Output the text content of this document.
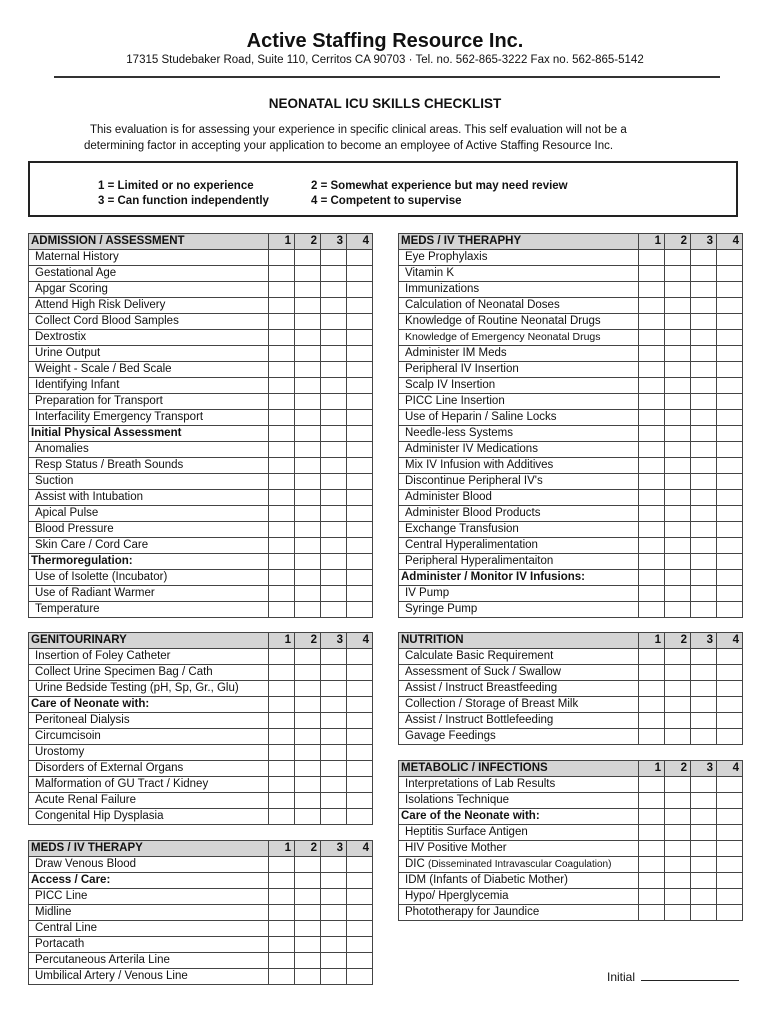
Active Staffing Resource Inc.
17315 Studebaker Road, Suite 110, Cerritos CA 90703 · Tel. no. 562-865-3222 Fax no. 562-865-5142
NEONATAL ICU SKILLS CHECKLIST
This evaluation is for assessing your experience in specific clinical areas. This self evaluation will not be a
determining factor in accepting your application to become an employee of Active Staffing Resource Inc.
1 = Limited or no experience	2 = Somewhat experience but may need review
3 = Can function independently	4 = Competent to supervise
ADMISSION / ASSESSMENT	1	2	3	4
Maternal History				
Gestational Age				
Apgar Scoring				
Attend High Risk Delivery				
Collect Cord Blood Samples				
Dextrostix				
Urine Output				
Weight - Scale / Bed Scale				
Identifying Infant				
Preparation for Transport				
Interfacility Emergency Transport				
Initial Physical Assessment				
Anomalies				
Resp Status / Breath Sounds				
Suction				
Assist with Intubation				
Apical Pulse				
Blood Pressure				
Skin Care / Cord Care				
Thermoregulation:				
Use of Isolette (Incubator)				
Use of Radiant Warmer				
Temperature				
MEDS / IV THERAPHY	1	2	3	4
Eye Prophylaxis				
Vitamin K				
Immunizations				
Calculation of Neonatal Doses				
Knowledge of Routine Neonatal Drugs				
Knowledge of Emergency Neonatal Drugs				
Administer IM Meds				
Peripheral IV Insertion				
Scalp IV Insertion				
PICC Line Insertion				
Use of Heparin / Saline Locks				
Needle-less Systems				
Administer IV Medications				
Mix IV Infusion with Additives				
Discontinue Peripheral IV's				
Administer Blood				
Administer Blood Products				
Exchange Transfusion				
Central Hyperalimentation				
Peripheral Hyperalimentaiton				
Administer / Monitor IV Infusions:				
IV Pump				
Syringe Pump				
GENITOURINARY	1	2	3	4
Insertion of Foley Catheter				
Collect Urine Specimen Bag / Cath				
Urine Bedside Testing (pH, Sp, Gr., Glu)				
Care of Neonate with:				
Peritoneal Dialysis				
Circumcisoin				
Urostomy				
Disorders of External Organs				
Malformation of GU Tract / Kidney				
Acute Renal Failure				
Congenital Hip Dysplasia				
NUTRITION	1	2	3	4
Calculate Basic Requirement				
Assessment of Suck / Swallow				
Assist / Instruct Breastfeeding				
Collection / Storage of Breast Milk				
Assist / Instruct Bottlefeeding				
Gavage Feedings				
METABOLIC / INFECTIONS	1	2	3	4
Interpretations of Lab Results				
Isolations Technique				
Care of the Neonate with:				
Heptitis Surface Antigen				
HIV Positive Mother				
DIC (Disseminated Intravascular Coagulation)				
IDM (Infants of Diabetic Mother)				
Hypo/ Hperglycemia				
Phototherapy for Jaundice				
MEDS / IV THERAPY	1	2	3	4
Draw Venous Blood				
Access / Care:				
PICC Line				
Midline				
Central Line				
Portacath				
Percutaneous Arterila Line				
Umbilical Artery / Venous Line					Initial
